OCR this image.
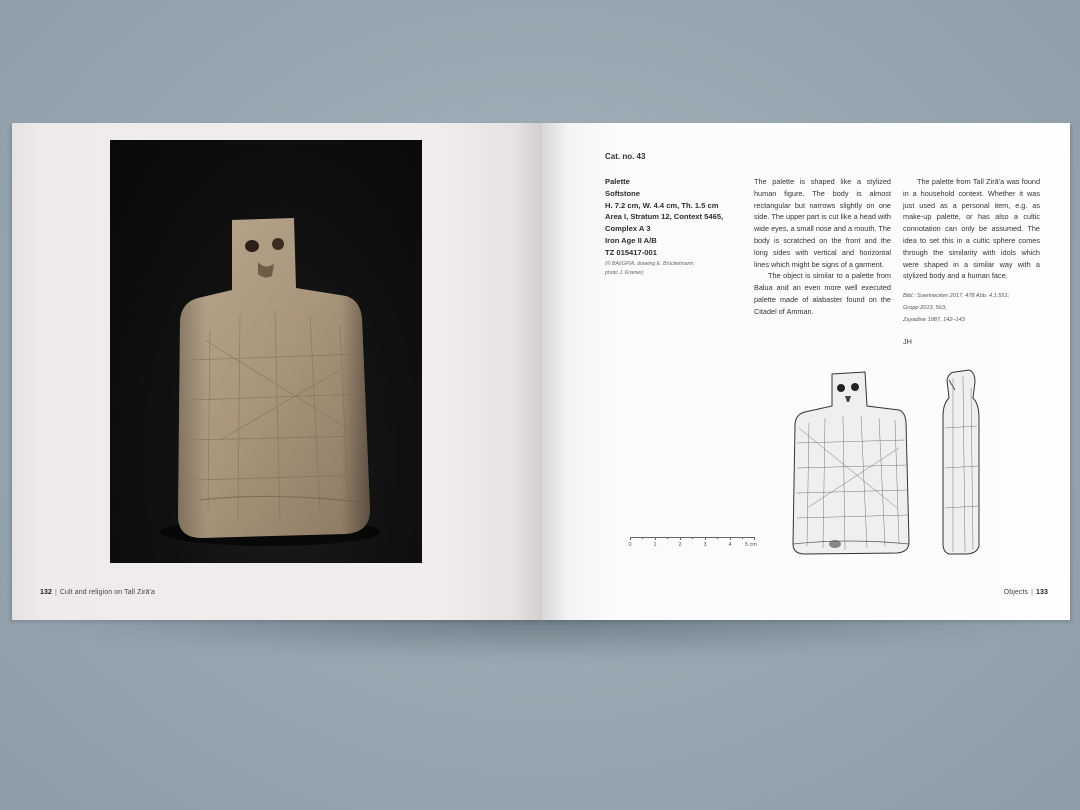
132 | Cult and religion on Tall Zirā'a
Cat. no. 43
Palette
Softstone
H. 7.2 cm, W. 4.4 cm, Th. 1.5 cm
Area I, Stratum 12, Context 5465,
Complex A 3
Iron Age II A/B
TZ 015417-001
(© BAI/GPIA, drawing E. Brückelmann;
photo J. Kramer)

The palette is shaped like a stylized human figure. The body is almost rectangular but narrows slightly on one side. The upper part is cut like a head with wide eyes, a small nose and a mouth. The body is scratched on the front and the long sides with vertical and horizontal lines which might be signs of a garment.

The object is similar to a palette from Balua and an even more well executed palette made of alabaster found on the Citadel of Amman.

The palette from Tall Zirā'a was found in a household context. Whether it was just used as a personal item, e.g. as make-up palette, or has also a cultic connotation can only be assumed. The idea to set this in a cultic sphere comes through the similarity with idols which were shaped in a similar way with a stylized body and a human face.

Bibl.: Soennecken 2017, 478 Abb. 4.1.551;
Gropp 2013, 563;
Zayadine 1987, 142–143
JH
0	1	2	3	4 5 cm
Objects | 133
